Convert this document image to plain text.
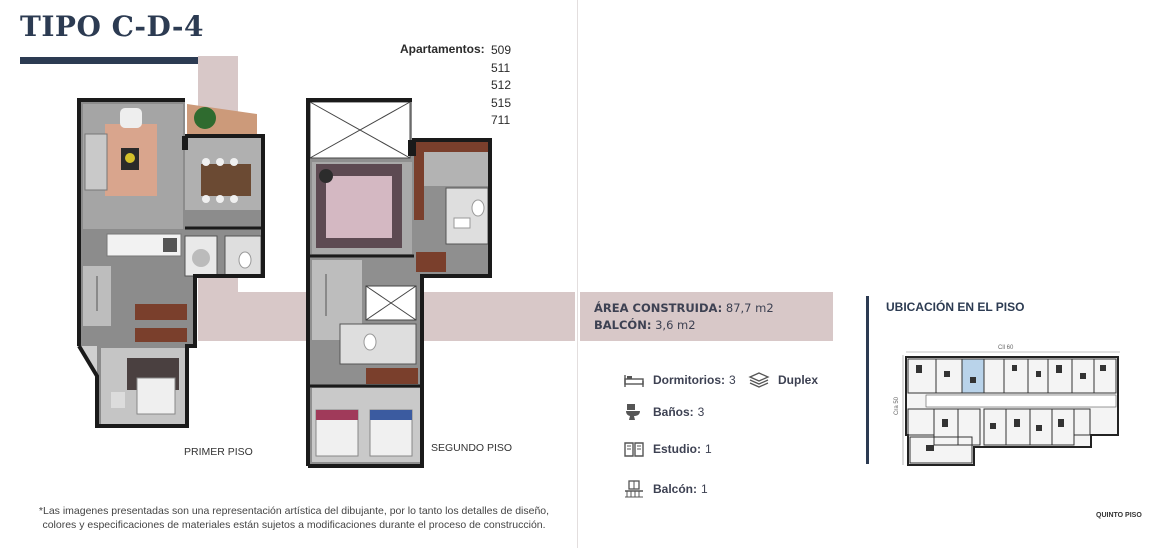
TIPO C-D-4
Apartamentos: 509
511
512
515
711
PRIMER PISO	SEGUNDO PISO
ÁREA CONSTRUIDA: 87,7 m2
BALCÓN: 3,6 m2
Dormitorios: 3	Duplex
Baños: 3
Estudio: 1
Balcón: 1
UBICACIÓN EN EL PISO
Cll 60
Cra 50
QUINTO PISO
*Las imagenes presentadas son una representación artística del dibujante, por lo tanto los detalles de diseño,
colores y especificaciones de materiales están sujetos a modificaciones durante el proceso de construcción.
